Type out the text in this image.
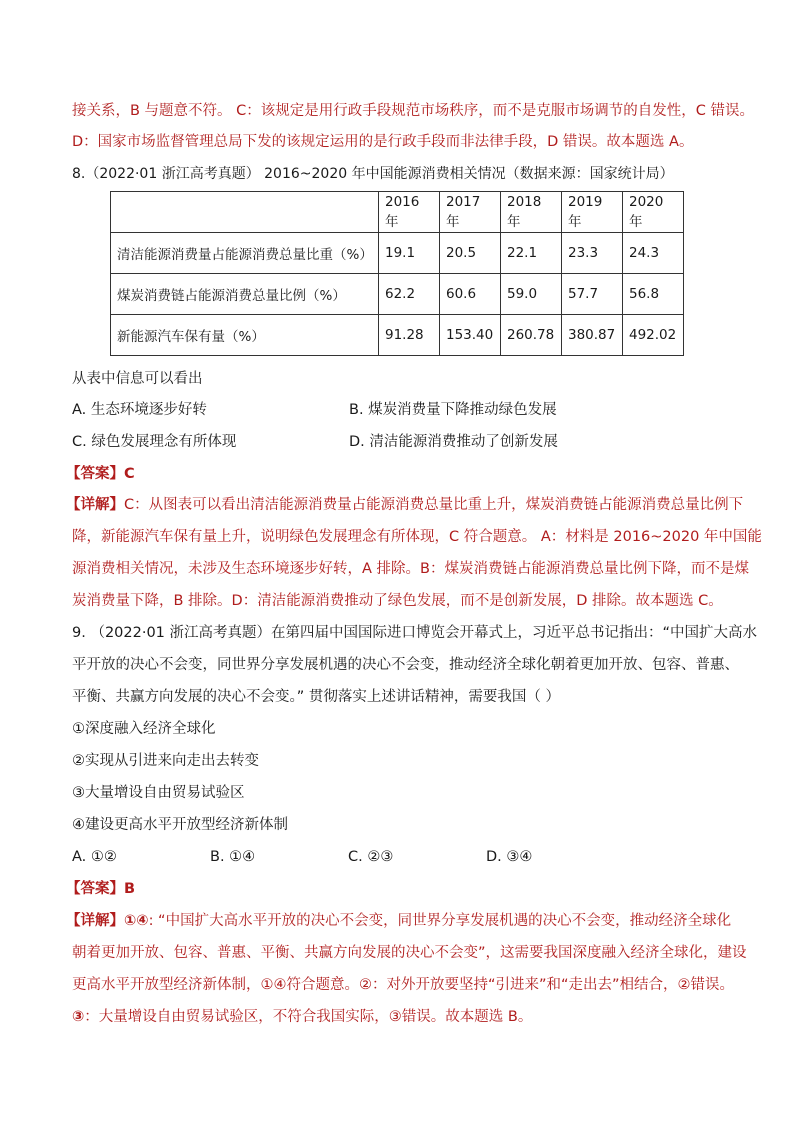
接关系，B 与题意不符。 C：该规定是用行政手段规范市场秩序，而不是克服市场调节的自发性，C 错误。
D：国家市场监督管理总局下发的该规定运用的是行政手段而非法律手段，D 错误。故本题选 A。
8.（2022·01 浙江高考真题） 2016~2020 年中国能源消费相关情况（数据来源：国家统计局）
	2016 年	2017 年	2018 年	2019 年	2020 年
清洁能源消费量占能源消费总量比重（%）	19.1	20.5	22.1	23.3	24.3
煤炭消费链占能源消费总量比例（%）	62.2	60.6	59.0	57.7	56.8
新能源汽车保有量（%）	91.28	153.40	260.78	380.87	492.02
从表中信息可以看出
A. 生态环境逐步好转	B. 煤炭消费量下降推动绿色发展
C. 绿色发展理念有所体现	D. 清洁能源消费推动了创新发展
【答案】C
【详解】C：从图表可以看出清洁能源消费量占能源消费总量比重上升，煤炭消费链占能源消费总量比例下
降，新能源汽车保有量上升，说明绿色发展理念有所体现，C 符合题意。 A：材料是 2016~2020 年中国能
源消费相关情况，未涉及生态环境逐步好转，A 排除。B：煤炭消费链占能源消费总量比例下降，而不是煤
炭消费量下降，B 排除。D：清洁能源消费推动了绿色发展，而不是创新发展，D 排除。故本题选 C。
9. （2022·01 浙江高考真题）在第四届中国国际进口博览会开幕式上，习近平总书记指出：“中国扩大高水
平开放的决心不会变，同世界分享发展机遇的决心不会变，推动经济全球化朝着更加开放、包容、普惠、
平衡、共赢方向发展的决心不会变。” 贯彻落实上述讲话精神，需要我国（ ）
①深度融入经济全球化
②实现从引进来向走出去转变
③大量增设自由贸易试验区
④建设更高水平开放型经济新体制
A. ①②	B. ①④	C. ②③	D. ③④
【答案】B
【详解】①④: “中国扩大高水平开放的决心不会变，同世界分享发展机遇的决心不会变，推动经济全球化
朝着更加开放、包容、普惠、平衡、共赢方向发展的决心不会变”，这需要我国深度融入经济全球化，建设
更高水平开放型经济新体制，①④符合题意。②：对外开放要坚持“引进来”和“走出去”相结合，②错误。
③：大量增设自由贸易试验区，不符合我国实际，③错误。故本题选 B。
